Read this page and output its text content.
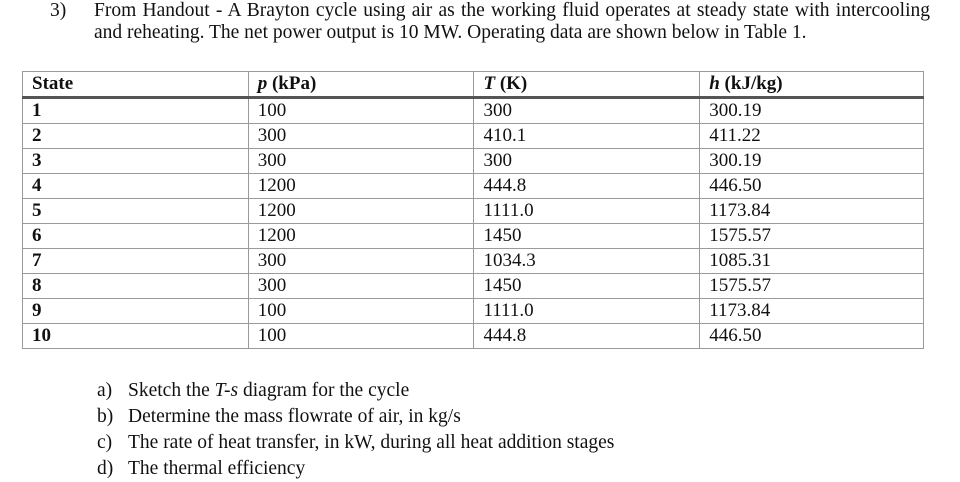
3) From Handout - A Brayton cycle using air as the working fluid operates at steady state with intercooling and reheating. The net power output is 10 MW. Operating data are shown below in Table 1.
State	p (kPa)	T (K)	h (kJ/kg)
1	100	300	300.19
2	300	410.1	411.22
3	300	300	300.19
4	1200	444.8	446.50
5	1200	1111.0	1173.84
6	1200	1450	1575.57
7	300	1034.3	1085.31
8	300	1450	1575.57
9	100	1111.0	1173.84
10	100	444.8	446.50
a) Sketch the T-s diagram for the cycle
b) Determine the mass flowrate of air, in kg/s
c) The rate of heat transfer, in kW, during all heat addition stages
d) The thermal efficiency
